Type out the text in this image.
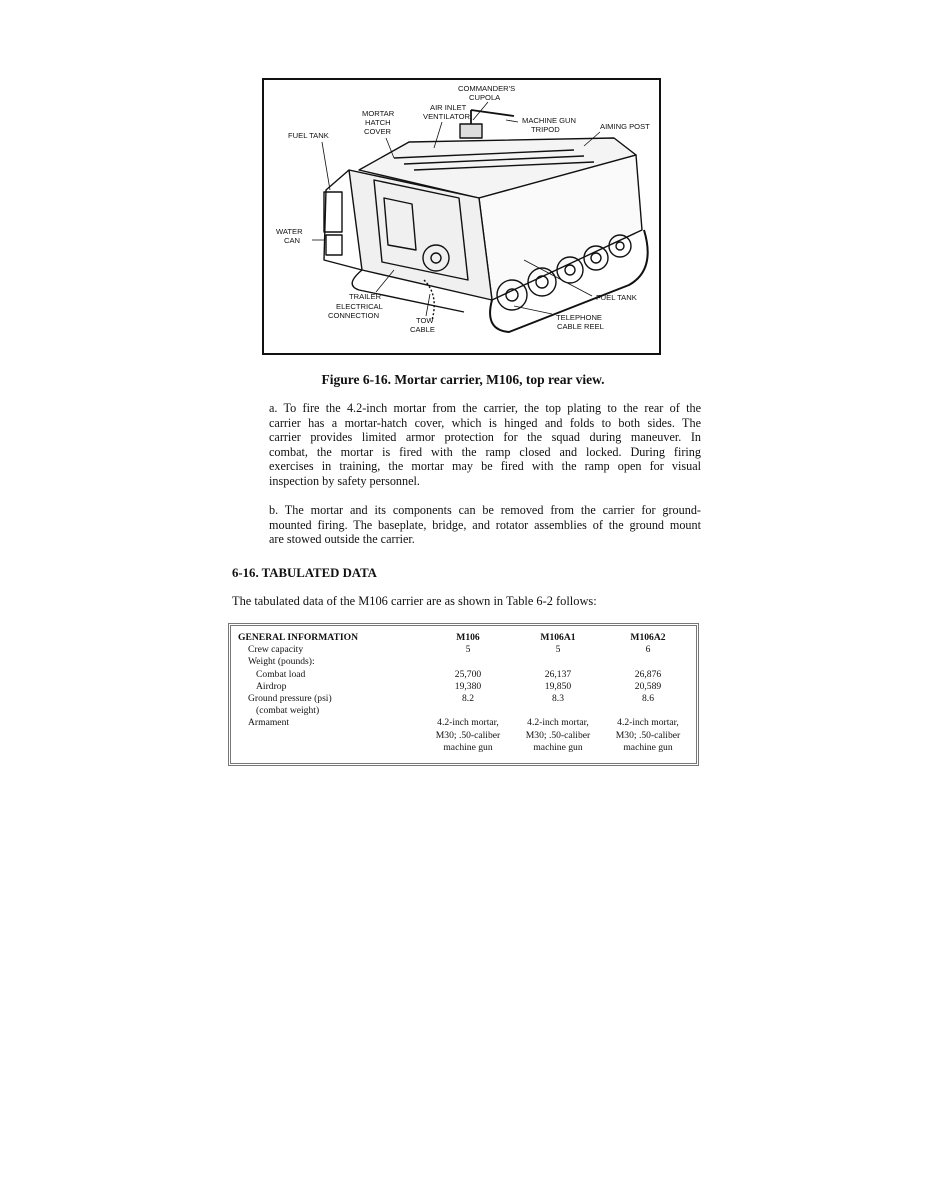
COMMANDER'S
CUPOLA
AIR INLET
VENTILATOR
MORTAR
HATCH
COVER
MACHINE GUN
TRIPOD	AIMING POST
FUEL TANK
WATER
CAN
TRAILER
ELECTRICAL
CONNECTION
TOW
CABLE
FUEL TANK
TELEPHONE
CABLE REEL
Figure 6-16. Mortar carrier, M106, top rear view.

a. To fire the 4.2-inch mortar from the carrier, the top plating to the rear of the
carrier has a mortar-hatch cover, which is hinged and folds to both sides. The
carrier provides limited armor protection for the squad during maneuver. In
combat, the mortar is fired with the ramp closed and locked. During firing
exercises in training, the mortar may be fired with the ramp open for visual
inspection by safety personnel.

b. The mortar and its components can be removed from the carrier for ground-
mounted firing. The baseplate, bridge, and rotator assemblies of the ground mount
are stowed outside the carrier.

6-16. TABULATED DATA
The tabulated data of the M106 carrier are as shown in Table 6-2 follows:
GENERAL INFORMATION	M106	M106A1	M106A2
Crew capacity	5	5	6
Weight (pounds):			
Combat load	25,700	26,137	26,876
Airdrop	19,380	19,850	20,589
Ground pressure (psi)	8.2	8.3	8.6
(combat weight)			
Armament	4.2-inch mortar,	4.2-inch mortar,	4.2-inch mortar,
	M30; .50-caliber	M30; .50-caliber	M30; .50-caliber
	machine gun	machine gun	machine gun
